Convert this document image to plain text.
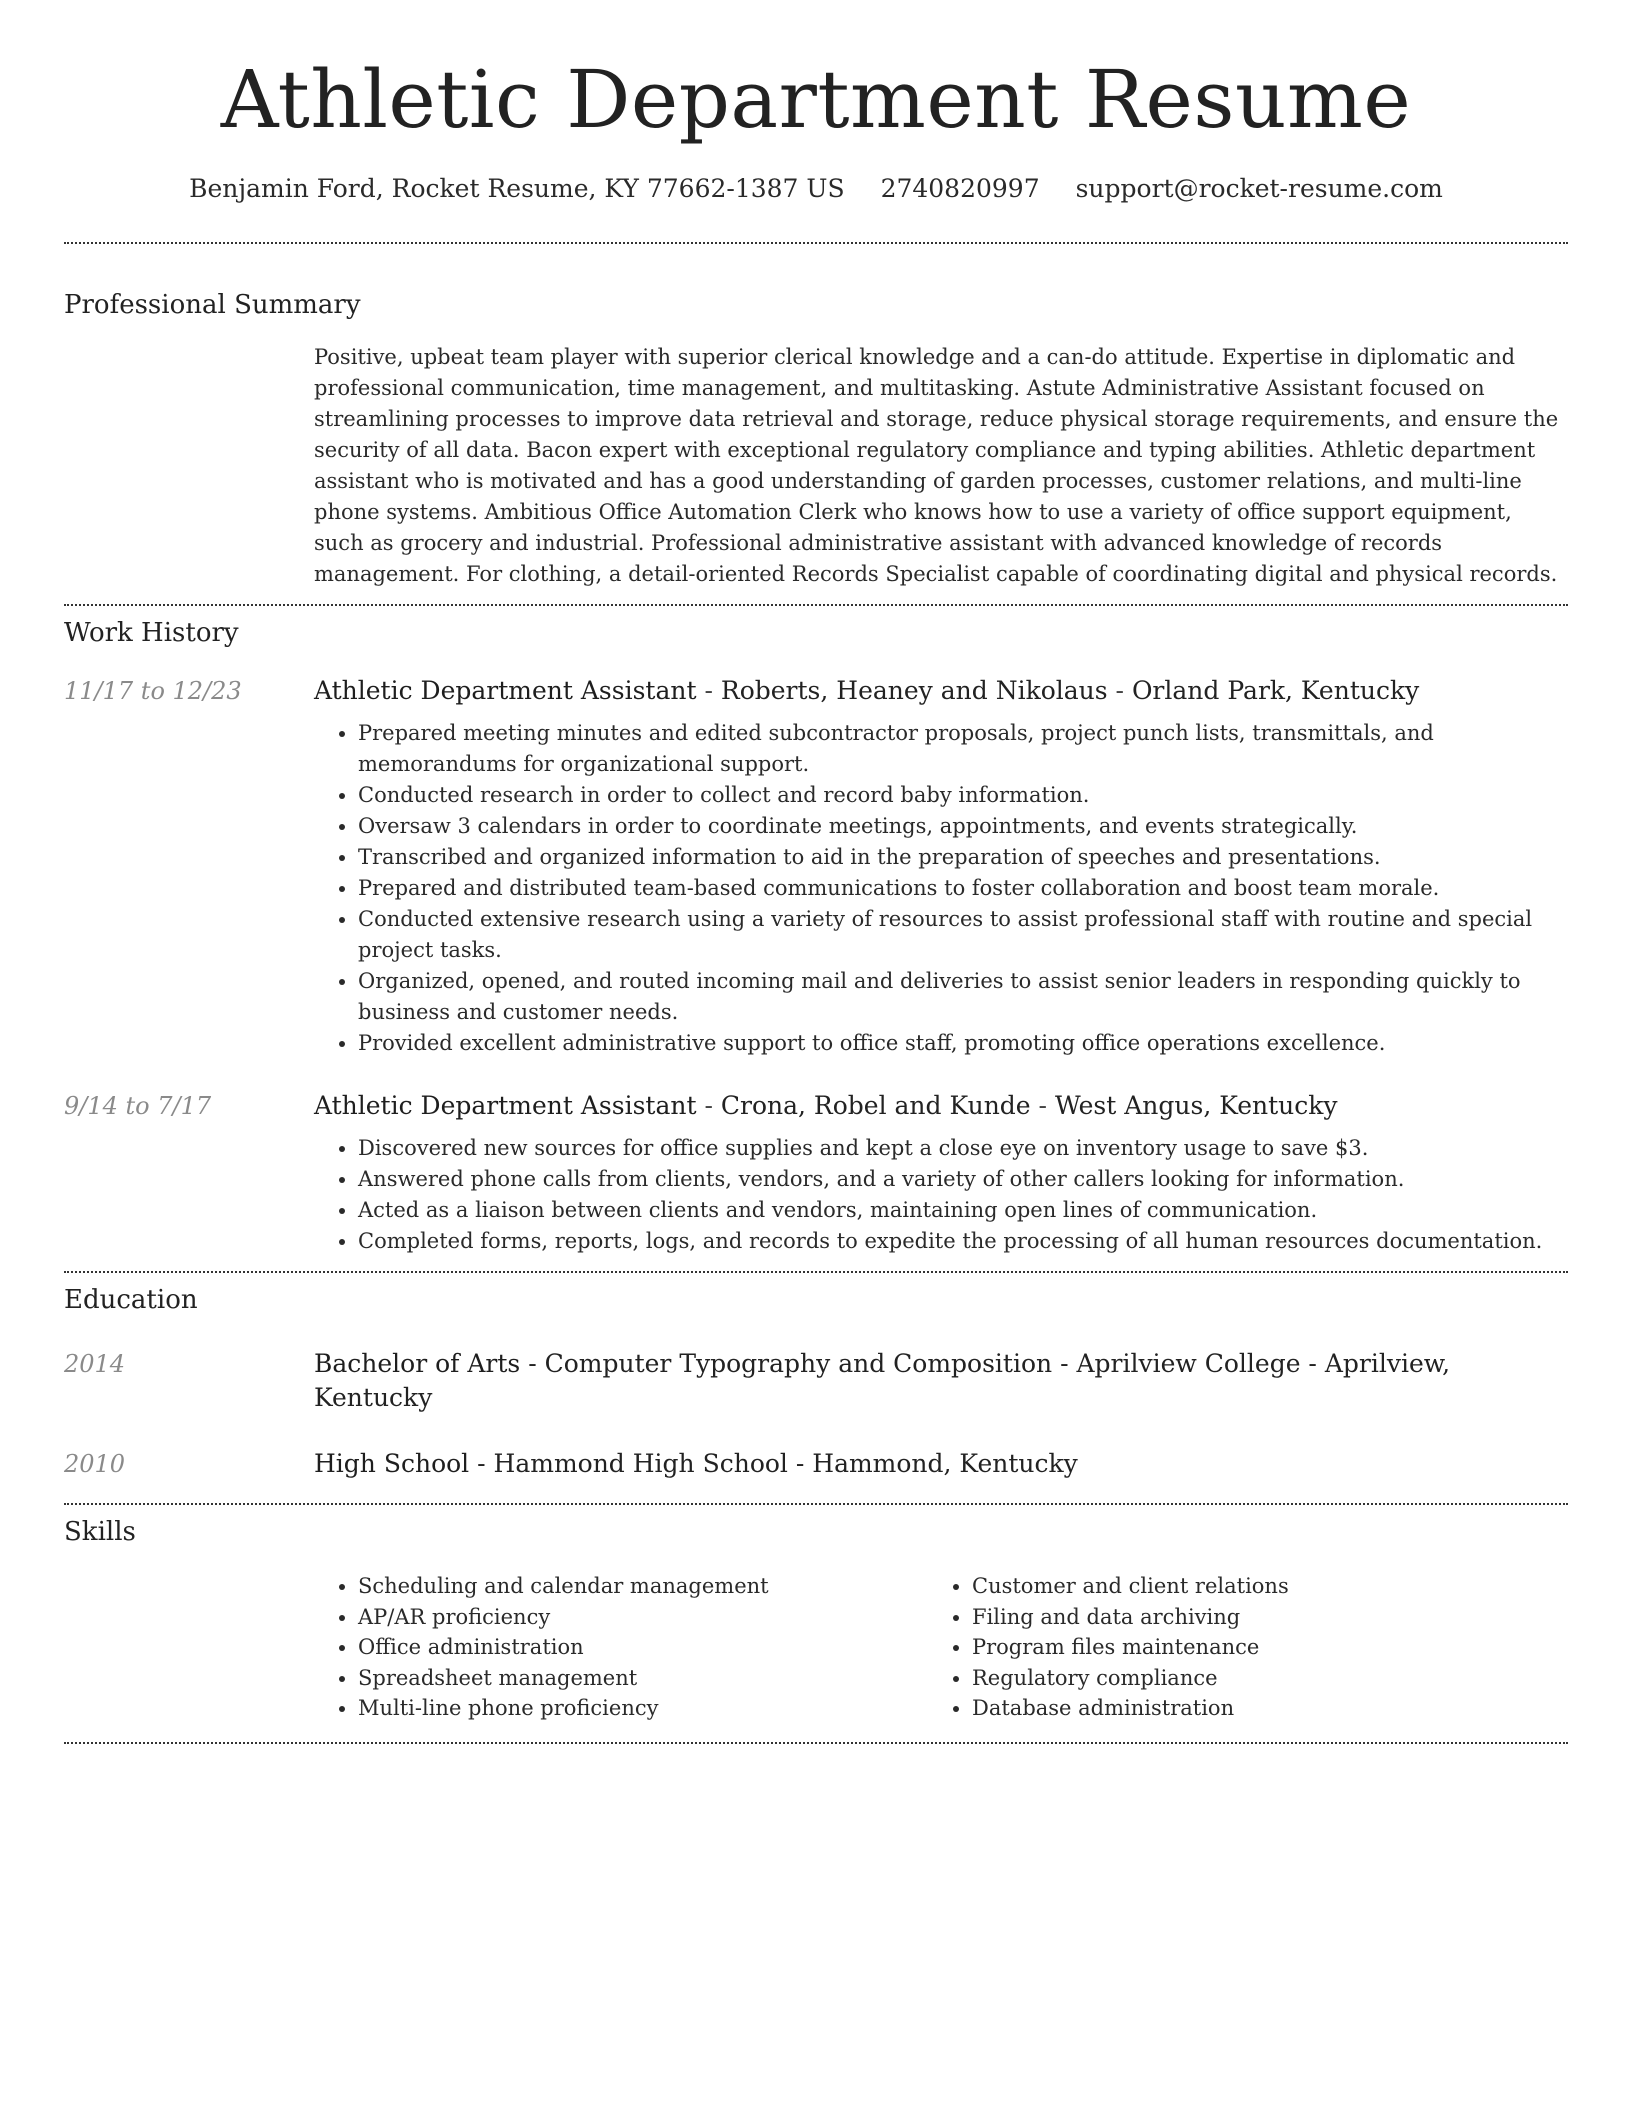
Athletic Department Resume
Benjamin Ford, Rocket Resume, KY 77662-1387 US 2740820997 support@rocket-resume.com
Professional Summary

Positive, upbeat team player with superior clerical knowledge and a can-do attitude. Expertise in diplomatic and professional communication, time management, and multitasking. Astute Administrative Assistant focused on streamlining processes to improve data retrieval and storage, reduce physical storage requirements, and ensure the security of all data. Bacon expert with exceptional regulatory compliance and typing abilities. Athletic department assistant who is motivated and has a good understanding of garden processes, customer relations, and multi-line phone systems. Ambitious Office Automation Clerk who knows how to use a variety of office support equipment, such as grocery and industrial. Professional administrative assistant with advanced knowledge of records management. For clothing, a detail-oriented Records Specialist capable of coordinating digital and physical records.

Work History
11/17 to 12/23	Athletic Department Assistant - Roberts, Heaney and Nikolaus - Orland Park, Kentucky
• Prepared meeting minutes and edited subcontractor proposals, project punch lists, transmittals, and memorandums for organizational support.
• Conducted research in order to collect and record baby information.
• Oversaw 3 calendars in order to coordinate meetings, appointments, and events strategically.
• Transcribed and organized information to aid in the preparation of speeches and presentations.
• Prepared and distributed team-based communications to foster collaboration and boost team morale.
• Conducted extensive research using a variety of resources to assist professional staff with routine and special project tasks.
• Organized, opened, and routed incoming mail and deliveries to assist senior leaders in responding quickly to business and customer needs.
• Provided excellent administrative support to office staff, promoting office operations excellence.
9/14 to 7/17	Athletic Department Assistant - Crona, Robel and Kunde - West Angus, Kentucky
• Discovered new sources for office supplies and kept a close eye on inventory usage to save $3.
• Answered phone calls from clients, vendors, and a variety of other callers looking for information.
• Acted as a liaison between clients and vendors, maintaining open lines of communication.
• Completed forms, reports, logs, and records to expedite the processing of all human resources documentation.
Education
2014	Bachelor of Arts - Computer Typography and Composition - Aprilview College - Aprilview, Kentucky
2010	High School - Hammond High School - Hammond, Kentucky
Skills
• Scheduling and calendar management
• AP/AR proficiency
• Office administration
• Spreadsheet management
• Multi-line phone proficiency
• Customer and client relations
• Filing and data archiving
• Program files maintenance
• Regulatory compliance
• Database administration
